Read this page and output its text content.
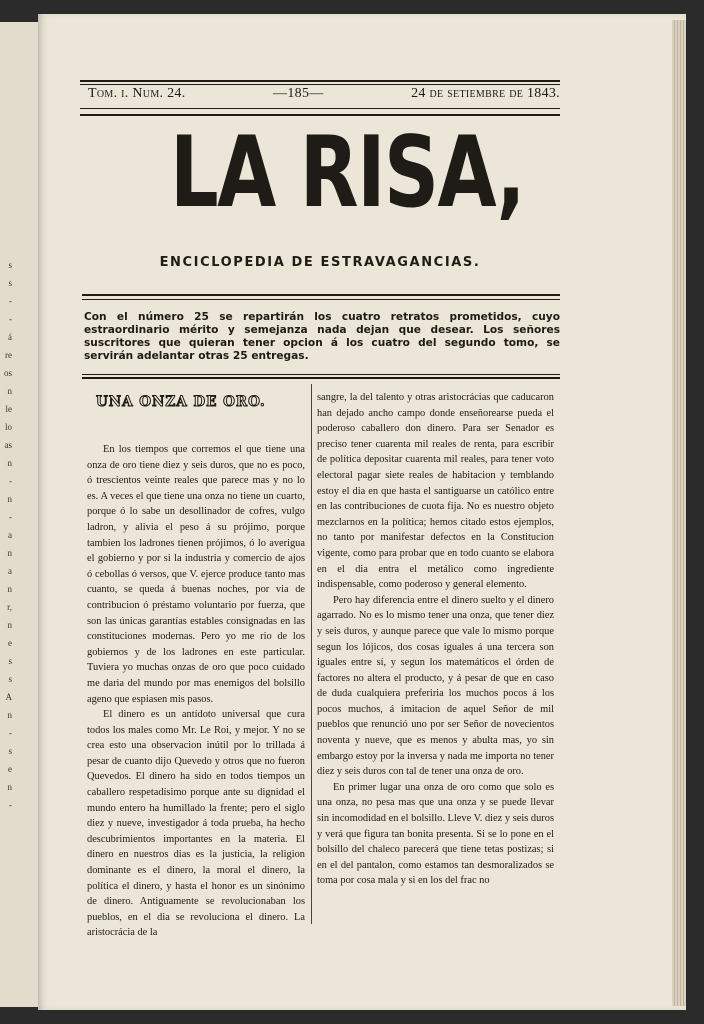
s
s
-
-
á
re
os
n
le
lo
as
n
-
n
-
a
n
a
n
r,
n
e
s
s
A
n
-
s
e
n
-
Tom. i. Num. 24.	—185—	24 de setiembre de 1843.
LA RISA,
ENCICLOPEDIA DE ESTRAVAGANCIAS.
Con el número 25 se repartirán los cuatro retratos prometidos, cuyo estraordinario mérito y semejanza nada dejan que desear. Los señores suscritores que quieran tener opcion á los cuatro del segundo tomo, se servirán adelantar otras 25 entregas.
UNA ONZA DE ORO.

En los tiempos que corremos el que tiene una onza de oro tiene diez y seis duros, que no es poco, ó trescientos veinte reales que parece mas y no lo es. A veces el que tiene una onza no tiene un cuarto, porque ó lo sabe un desollinador de cofres, vulgo ladron, y alivia el peso á su prójimo, porque tambien los ladrones tienen prójimos, ó lo averigua el gobierno y por si la industria y comercio de ajos ó cebollas ó versos, que V. ejerce produce tanto mas cuanto, se queda á buenas noches, por via de contribucion ó préstamo voluntario por fuerza, que son las únicas garantías estables consignadas en las constituciones modernas. Pero yo me rio de los gobiernos y de los ladrones en este particular. Tuviera yo muchas onzas de oro que poco cuidado me daria del mundo por mas enemigos del bolsillo ageno que espiasen mis pasos.

El dinero es un antídoto universal que cura todos los males como Mr. Le Roi, y mejor. Y no se crea esto una observacion inútil por lo trillada á pesar de cuanto dijo Quevedo y otros que no fueron Quevedos. El dinero ha sido en todos tiempos un caballero respetadísimo porque ante su dignidad el mundo entero ha humillado la frente; pero el siglo diez y nueve, investigador á toda prueba, ha hecho descubrimientos importantes en la materia. El dinero en nuestros dias es la justicia, la religion dominante es el dinero, la moral el dinero, la política el dinero, y hasta el honor es un sinónimo de dinero. Antiguamente se revolucionaban los pueblos, en el dia se revoluciona el dinero. La aristocrácia de la

sangre, la del talento y otras aristocrácias que caducaron han dejado ancho campo donde enseñorearse pueda el poderoso caballero don dinero. Para ser Senador es preciso tener cuarenta mil reales de renta, para escribir de política depositar cuarenta mil reales, para tener voto electoral pagar siete reales de habitacion y temblando estoy el dia en que hasta el santiguarse un católico entre en las contribuciones de cuota fija. No es nuestro objeto mezclarnos en la política; hemos citado estos ejemplos, no tanto por manifestar defectos en la Constitucion vigente, como para probar que en todo cuanto se elabora en el dia entra el metálico como ingrediente indispensable, como poderoso y general elemento.

Pero hay diferencia entre el dinero suelto y el dinero agarrado. No es lo mismo tener una onza, que tener diez y seis duros, y aunque parece que vale lo mismo porque segun los lójicos, dos cosas iguales á una tercera son iguales entre sí, y segun los matemáticos el órden de factores no altera el producto, y á pesar de que en caso de duda cualquiera preferiria los muchos pocos á los pocos muchos, á imitacion de aquel Señor de mil pueblos que renunció uno por ser Señor de novecientos noventa y nueve, que es menos y abulta mas, yo sin embargo estoy por la inversa y nada me importa no tener diez y seis duros con tal de tener una onza de oro.

En primer lugar una onza de oro como que solo es una onza, no pesa mas que una onza y se puede llevar sin incomodidad en el bolsillo. Lleve V. diez y seis duros y verá que figura tan bonita presenta. Si se lo pone en el bolsillo del chaleco parecerá que tiene tetas postizas; si en el del pantalon, como estamos tan desmoralizados se toma por cosa mala y si en los del frac no
